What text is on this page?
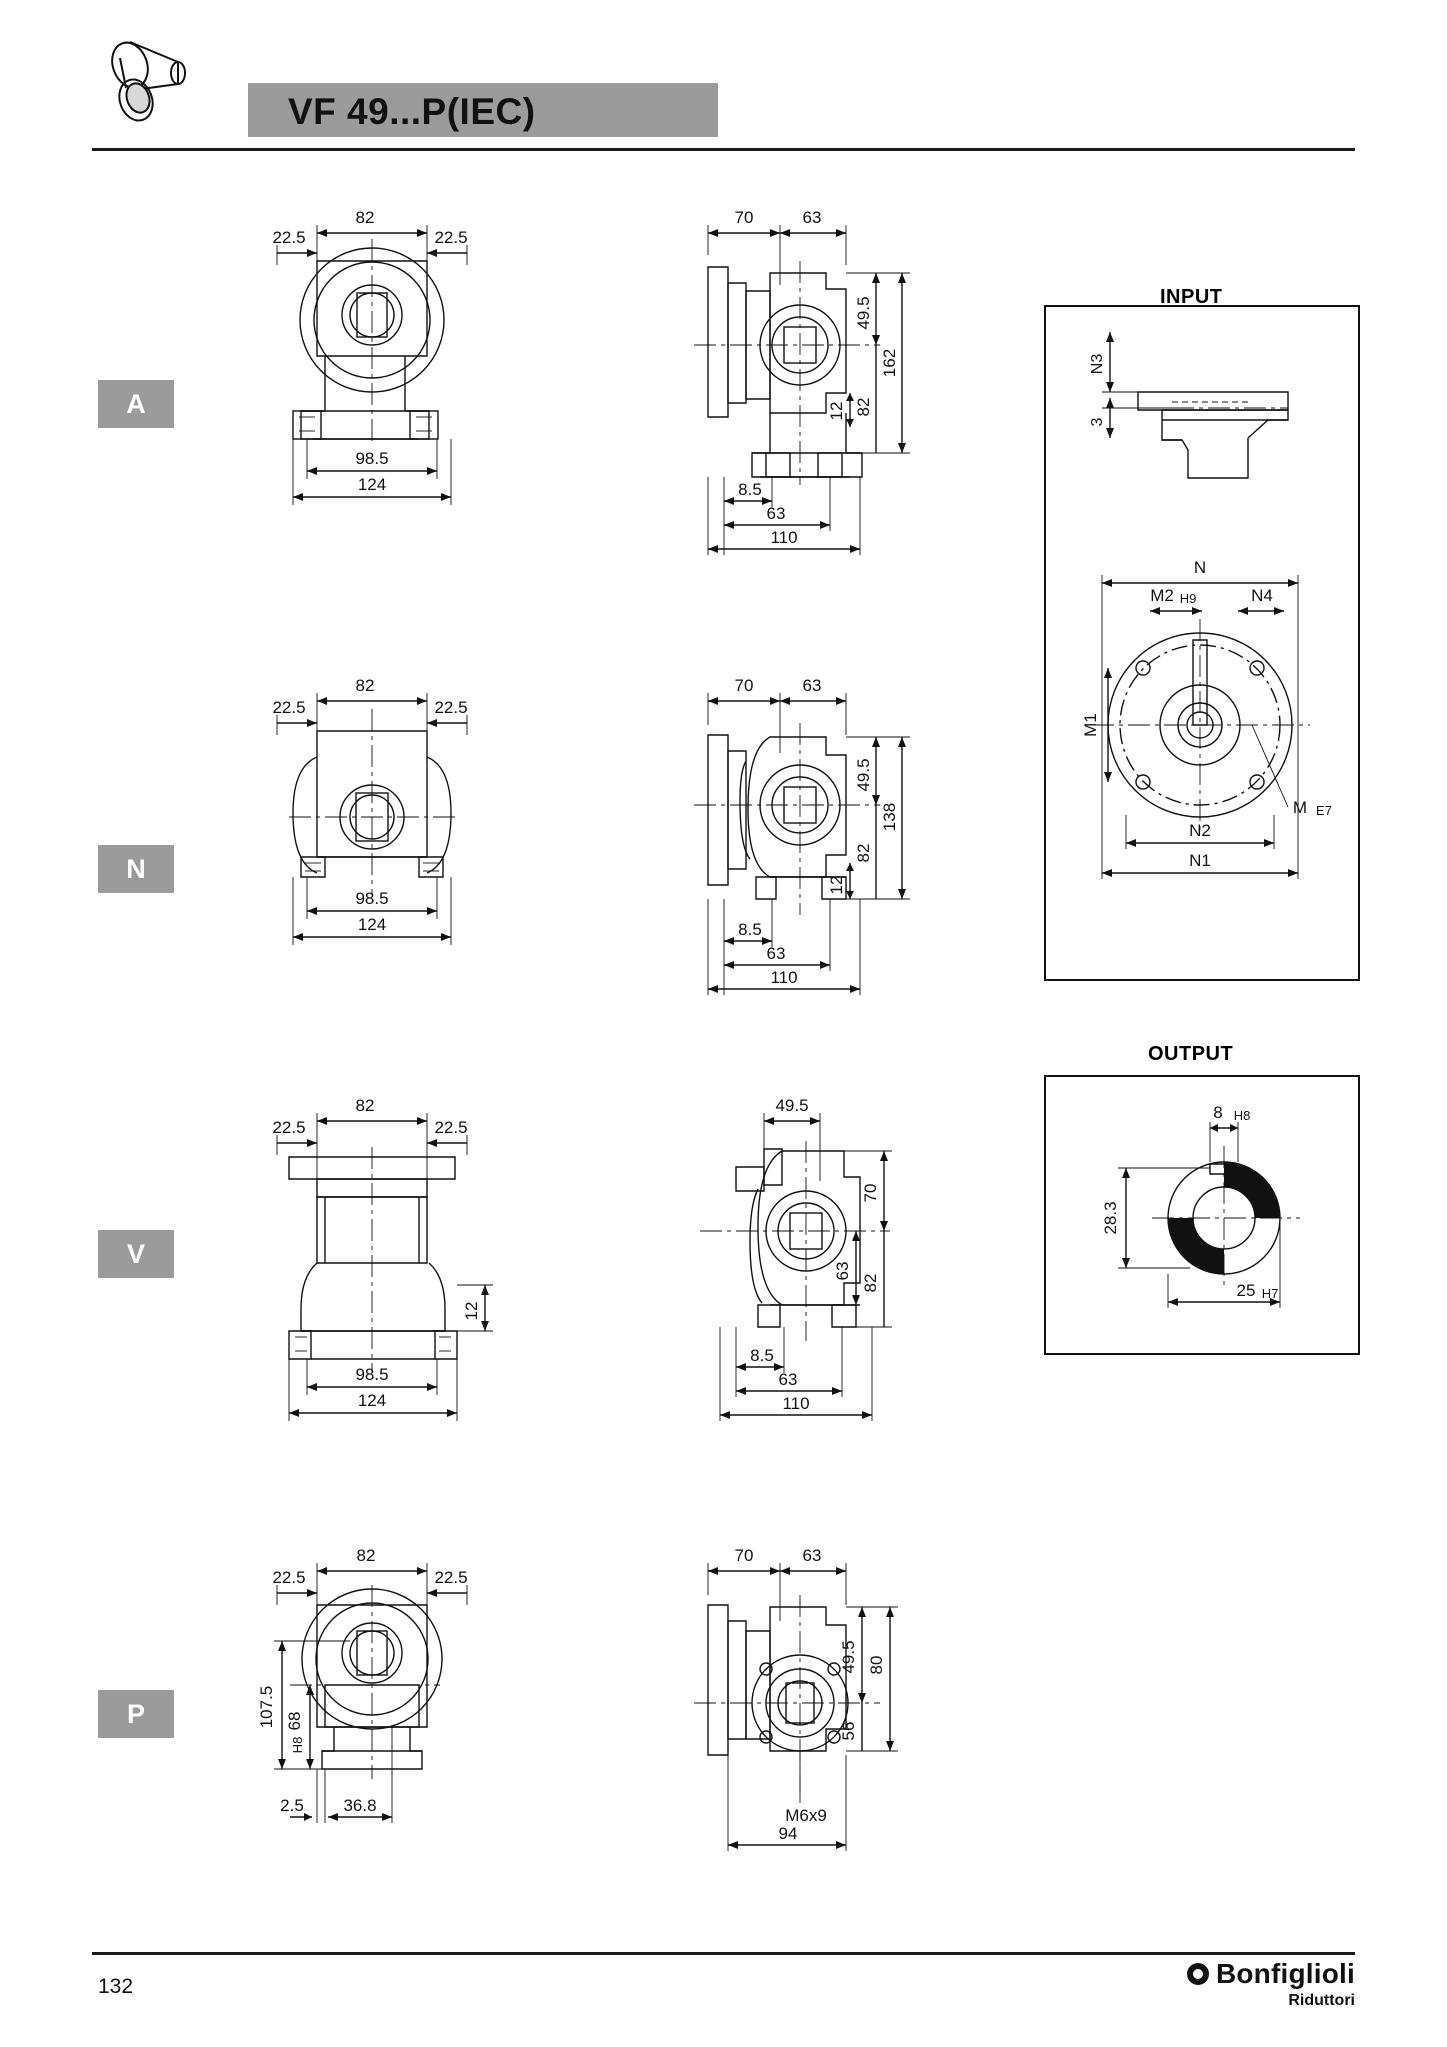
VF 49...P(IEC)
A
N
V
P
82
22.5	22.5
98.5
124
70	63
49.5
162
82
12
8.5
63
110
INPUT
N3
3
N
M2 H9	N4
M1
M E7
N2
N1
82
22.5	22.5
98.5
124
70	63
49.5
82
138
12
8.5
63
110
OUTPUT
8 H8
28.3
25 H7
82
22.5	22.5
12
98.5
124
49.5
70
63
82
8.5
63
110
82
22.5	22.5
107.5 68
H8
2.5 36.8
70	63
49.5 80
56
M6x9
94
132	Bonfiglioli
Riduttori
